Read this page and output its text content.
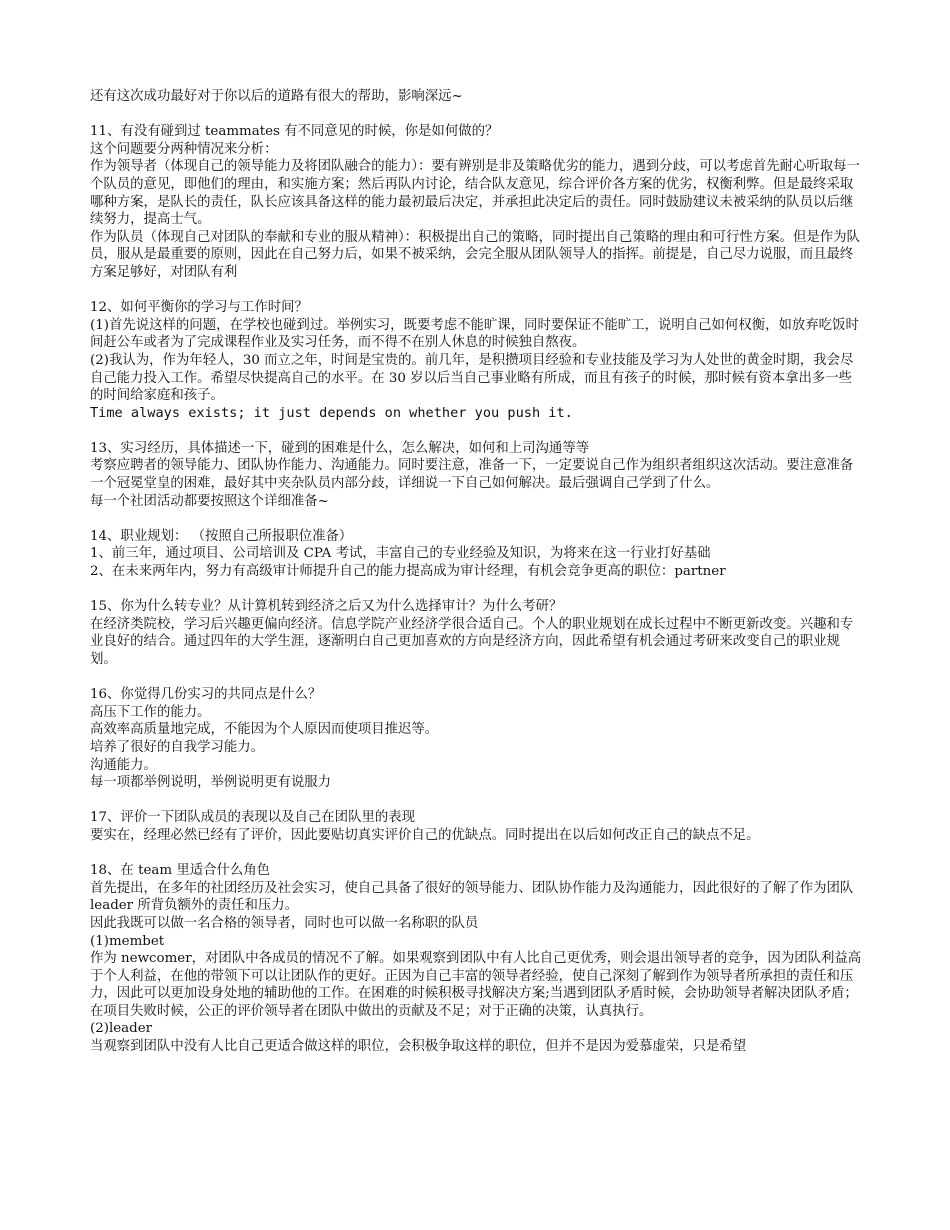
还有这次成功最好对于你以后的道路有很大的帮助，影响深远~
11、有没有碰到过 teammates 有不同意见的时候，你是如何做的？
这个问题要分两种情况来分析：
作为领导者（体现自己的领导能力及将团队融合的能力）：要有辨别是非及策略优劣的能力，遇到分歧，可以考虑首先耐心听取每一个队员的意见，即他们的理由，和实施方案；然后再队内讨论，结合队友意见，综合评价各方案的优劣，权衡利弊。但是最终采取哪种方案，是队长的责任，队长应该具备这样的能力最初最后决定，并承担此决定后的责任。同时鼓励建议未被采纳的队员以后继续努力，提高士气。
作为队员（体现自己对团队的奉献和专业的服从精神）：积极提出自己的策略，同时提出自己策略的理由和可行性方案。但是作为队员，服从是最重要的原则，因此在自己努力后，如果不被采纳，会完全服从团队领导人的指挥。前提是，自己尽力说服，而且最终方案足够好，对团队有利
12、如何平衡你的学习与工作时间？
(1)首先说这样的问题，在学校也碰到过。举例实习，既要考虑不能旷课，同时要保证不能旷工，说明自己如何权衡，如放弃吃饭时间赶公车或者为了完成课程作业及实习任务，而不得不在别人休息的时候独自熬夜。
(2)我认为，作为年轻人，30 而立之年，时间是宝贵的。前几年，是积攒项目经验和专业技能及学习为人处世的黄金时期，我会尽自己能力投入工作。希望尽快提高自己的水平。在 30 岁以后当自己事业略有所成，而且有孩子的时候，那时候有资本拿出多一些的时间给家庭和孩子。
Time always exists; it just depends on whether you push it.
13、实习经历，具体描述一下，碰到的困难是什么，怎么解决，如何和上司沟通等等
考察应聘者的领导能力、团队协作能力、沟通能力。同时要注意，准备一下，一定要说自己作为组织者组织这次活动。要注意准备一个冠冕堂皇的困难，最好其中夹杂队员内部分歧，详细说一下自己如何解决。最后强调自己学到了什么。
每一个社团活动都要按照这个详细准备~
14、职业规划： （按照自己所报职位准备）
1、前三年，通过项目、公司培训及 CPA 考试，丰富自己的专业经验及知识，为将来在这一行业打好基础
2、在未来两年内，努力有高级审计师提升自己的能力提高成为审计经理，有机会竞争更高的职位：partner
15、你为什么转专业？从计算机转到经济之后又为什么选择审计？为什么考研？
在经济类院校，学习后兴趣更偏向经济。信息学院产业经济学很合适自己。个人的职业规划在成长过程中不断更新改变。兴趣和专业良好的结合。通过四年的大学生涯，逐渐明白自己更加喜欢的方向是经济方向，因此希望有机会通过考研来改变自己的职业规划。
16、你觉得几份实习的共同点是什么？
高压下工作的能力。
高效率高质量地完成，不能因为个人原因而使项目推迟等。
培养了很好的自我学习能力。
沟通能力。
每一项都举例说明，举例说明更有说服力
17、评价一下团队成员的表现以及自己在团队里的表现
要实在，经理必然已经有了评价，因此要贴切真实评价自己的优缺点。同时提出在以后如何改正自己的缺点不足。
18、在 team 里适合什么角色
首先提出，在多年的社团经历及社会实习，使自己具备了很好的领导能力、团队协作能力及沟通能力，因此很好的了解了作为团队 leader 所背负额外的责任和压力。
因此我既可以做一名合格的领导者，同时也可以做一名称职的队员
(1)membet
作为 newcomer，对团队中各成员的情况不了解。如果观察到团队中有人比自己更优秀，则会退出领导者的竞争，因为团队利益高于个人利益，在他的带领下可以让团队作的更好。正因为自己丰富的领导者经验，使自己深刻了解到作为领导者所承担的责任和压力，因此可以更加设身处地的辅助他的工作。在困难的时候积极寻找解决方案;当遇到团队矛盾时候，会协助领导者解决团队矛盾；在项目失败时候，公正的评价领导者在团队中做出的贡献及不足；对于正确的决策，认真执行。
(2)leader
当观察到团队中没有人比自己更适合做这样的职位，会积极争取这样的职位，但并不是因为爱慕虚荣，只是希望
